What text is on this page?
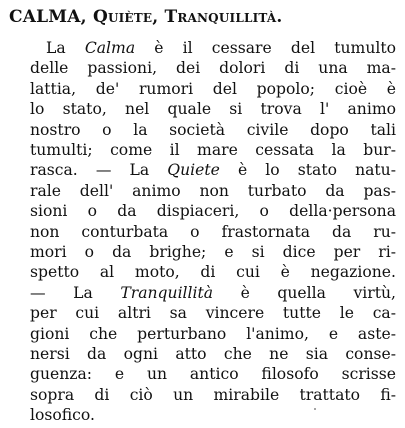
CALMA, Quiète, Tranquillità.
La Calma è il cessare del tumulto
delle passioni, dei dolori di una ma-
lattia, de' rumori del popolo; cioè è
lo stato, nel quale si trova l' animo
nostro o la società civile dopo tali
tumulti; come il mare cessata la bur-
rasca. — La Quiete è lo stato natu-
rale dell' animo non turbato da pas-
sioni o da dispiaceri, o della·persona
non conturbata o frastornata da ru-
mori o da brighe; e si dice per ri-
spetto al moto, di cui è negazione.
— La Tranquillità è quella virtù,
per cui altri sa vincere tutte le ca-
gioni che perturbano l'animo, e aste-
nersi da ogni atto che ne sia conse-
guenza: e un antico filosofo scrisse
sopra di ciò un mirabile trattato fi-
losofico.
